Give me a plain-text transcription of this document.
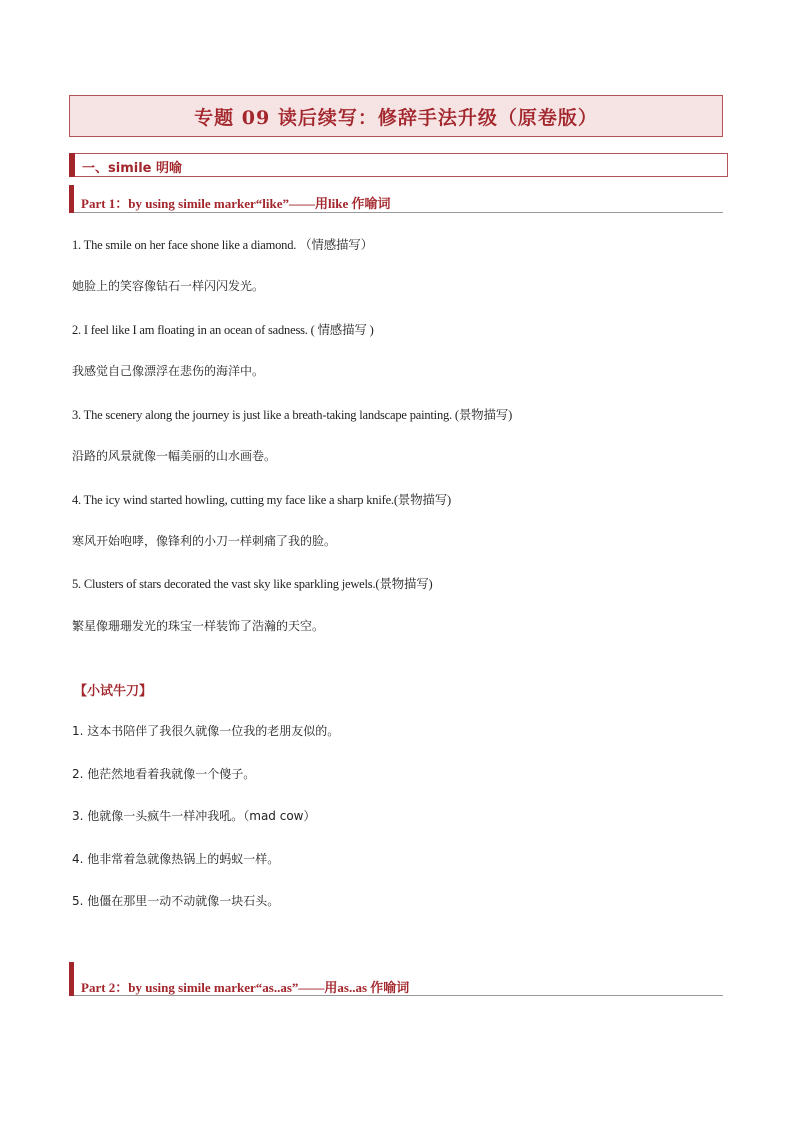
专题 09 读后续写：修辞手法升级（原卷版）
一、simile 明喻
Part 1：by using simile marker“like”——用like 作喻词
1. The smile on her face shone like a diamond. （情感描写）
她脸上的笑容像钻石一样闪闪发光。
2. I feel like I am floating in an ocean of sadness. ( 情感描写 )
我感觉自己像漂浮在悲伤的海洋中。
3. The scenery along the journey is just like a breath-taking landscape painting. (景物描写)
沿路的风景就像一幅美丽的山水画卷。
4. The icy wind started howling, cutting my face like a sharp knife.(景物描写)
寒风开始咆哮，像锋利的小刀一样刺痛了我的脸。
5. Clusters of stars decorated the vast sky like sparkling jewels.(景物描写)
繁星像珊珊发光的珠宝一样装饰了浩瀚的天空。
【小试牛刀】
1. 这本书陪伴了我很久就像一位我的老朋友似的。
2. 他茫然地看着我就像一个傻子。
3. 他就像一头疯牛一样冲我吼。（mad cow）
4. 他非常着急就像热锅上的蚂蚁一样。
5. 他僵在那里一动不动就像一块石头。
Part 2：by using simile marker“as..as”——用as..as 作喻词
